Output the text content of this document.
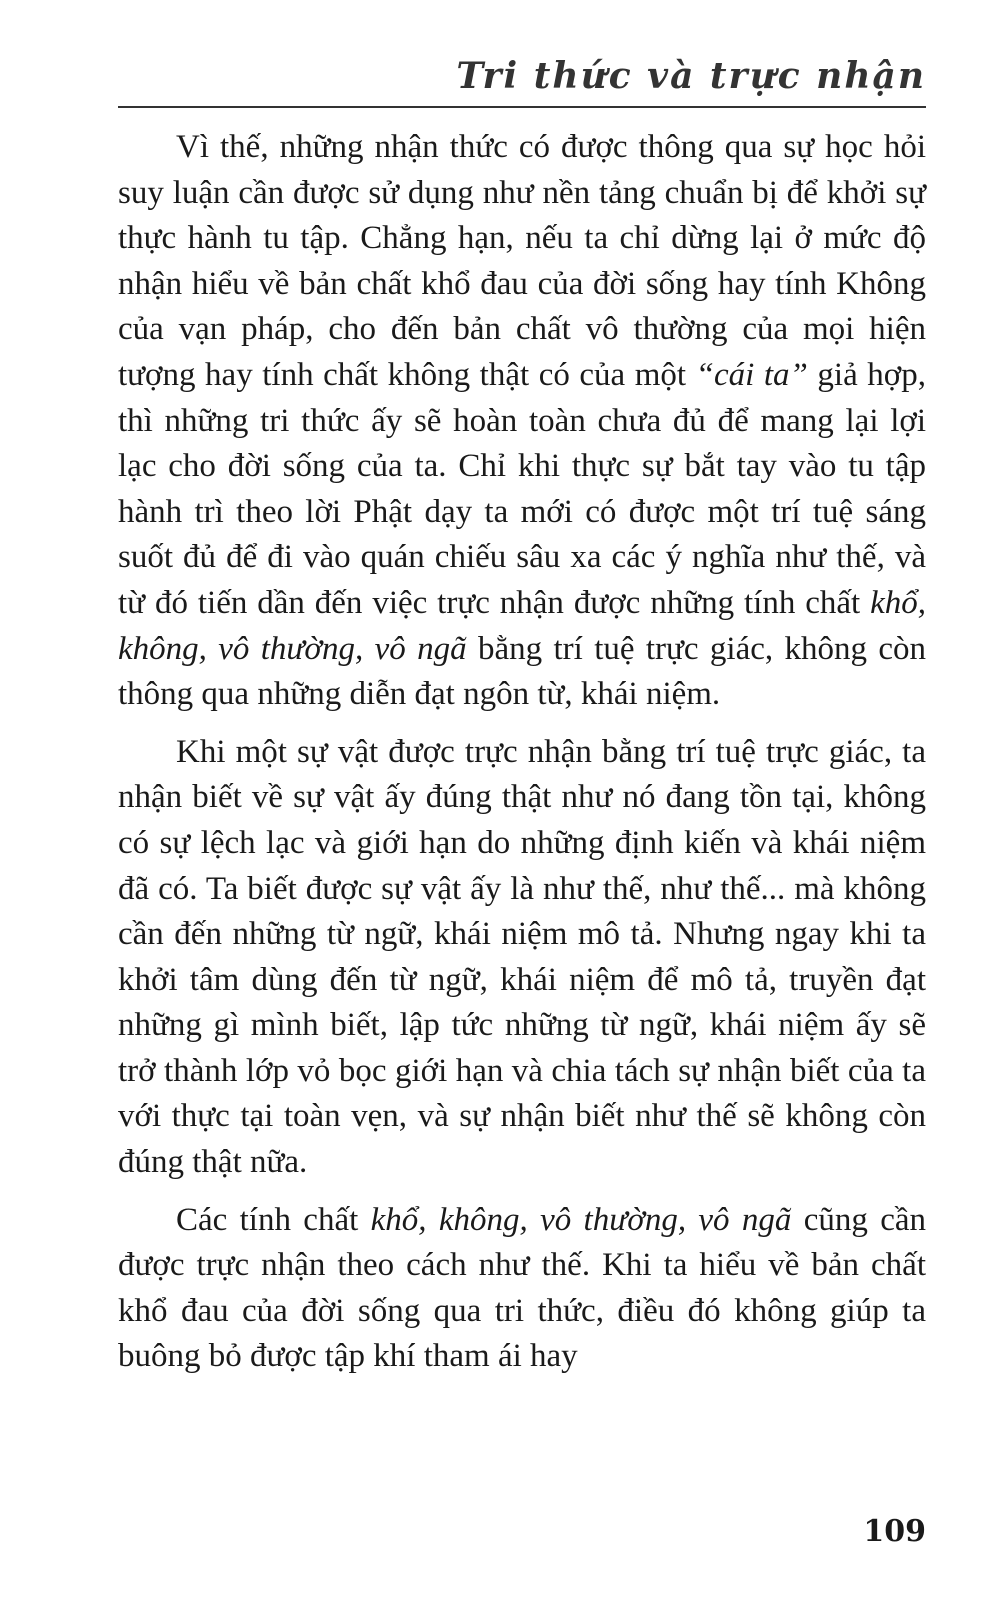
Tri thức và trực nhận

Vì thế, những nhận thức có được thông qua sự học hỏi suy luận cần được sử dụng như nền tảng chuẩn bị để khởi sự thực hành tu tập. Chẳng hạn, nếu ta chỉ dừng lại ở mức độ nhận hiểu về bản chất khổ đau của đời sống hay tính Không của vạn pháp, cho đến bản chất vô thường của mọi hiện tượng hay tính chất không thật có của một “cái ta” giả hợp, thì những tri thức ấy sẽ hoàn toàn chưa đủ để mang lại lợi lạc cho đời sống của ta. Chỉ khi thực sự bắt tay vào tu tập hành trì theo lời Phật dạy ta mới có được một trí tuệ sáng suốt đủ để đi vào quán chiếu sâu xa các ý nghĩa như thế, và từ đó tiến dần đến việc trực nhận được những tính chất khổ, không, vô thường, vô ngã bằng trí tuệ trực giác, không còn thông qua những diễn đạt ngôn từ, khái niệm.

Khi một sự vật được trực nhận bằng trí tuệ trực giác, ta nhận biết về sự vật ấy đúng thật như nó đang tồn tại, không có sự lệch lạc và giới hạn do những định kiến và khái niệm đã có. Ta biết được sự vật ấy là như thế, như thế... mà không cần đến những từ ngữ, khái niệm mô tả. Nhưng ngay khi ta khởi tâm dùng đến từ ngữ, khái niệm để mô tả, truyền đạt những gì mình biết, lập tức những từ ngữ, khái niệm ấy sẽ trở thành lớp vỏ bọc giới hạn và chia tách sự nhận biết của ta với thực tại toàn vẹn, và sự nhận biết như thế sẽ không còn đúng thật nữa.

Các tính chất khổ, không, vô thường, vô ngã cũng cần được trực nhận theo cách như thế. Khi ta hiểu về bản chất khổ đau của đời sống qua tri thức, điều đó không giúp ta buông bỏ được tập khí tham ái hay

109
